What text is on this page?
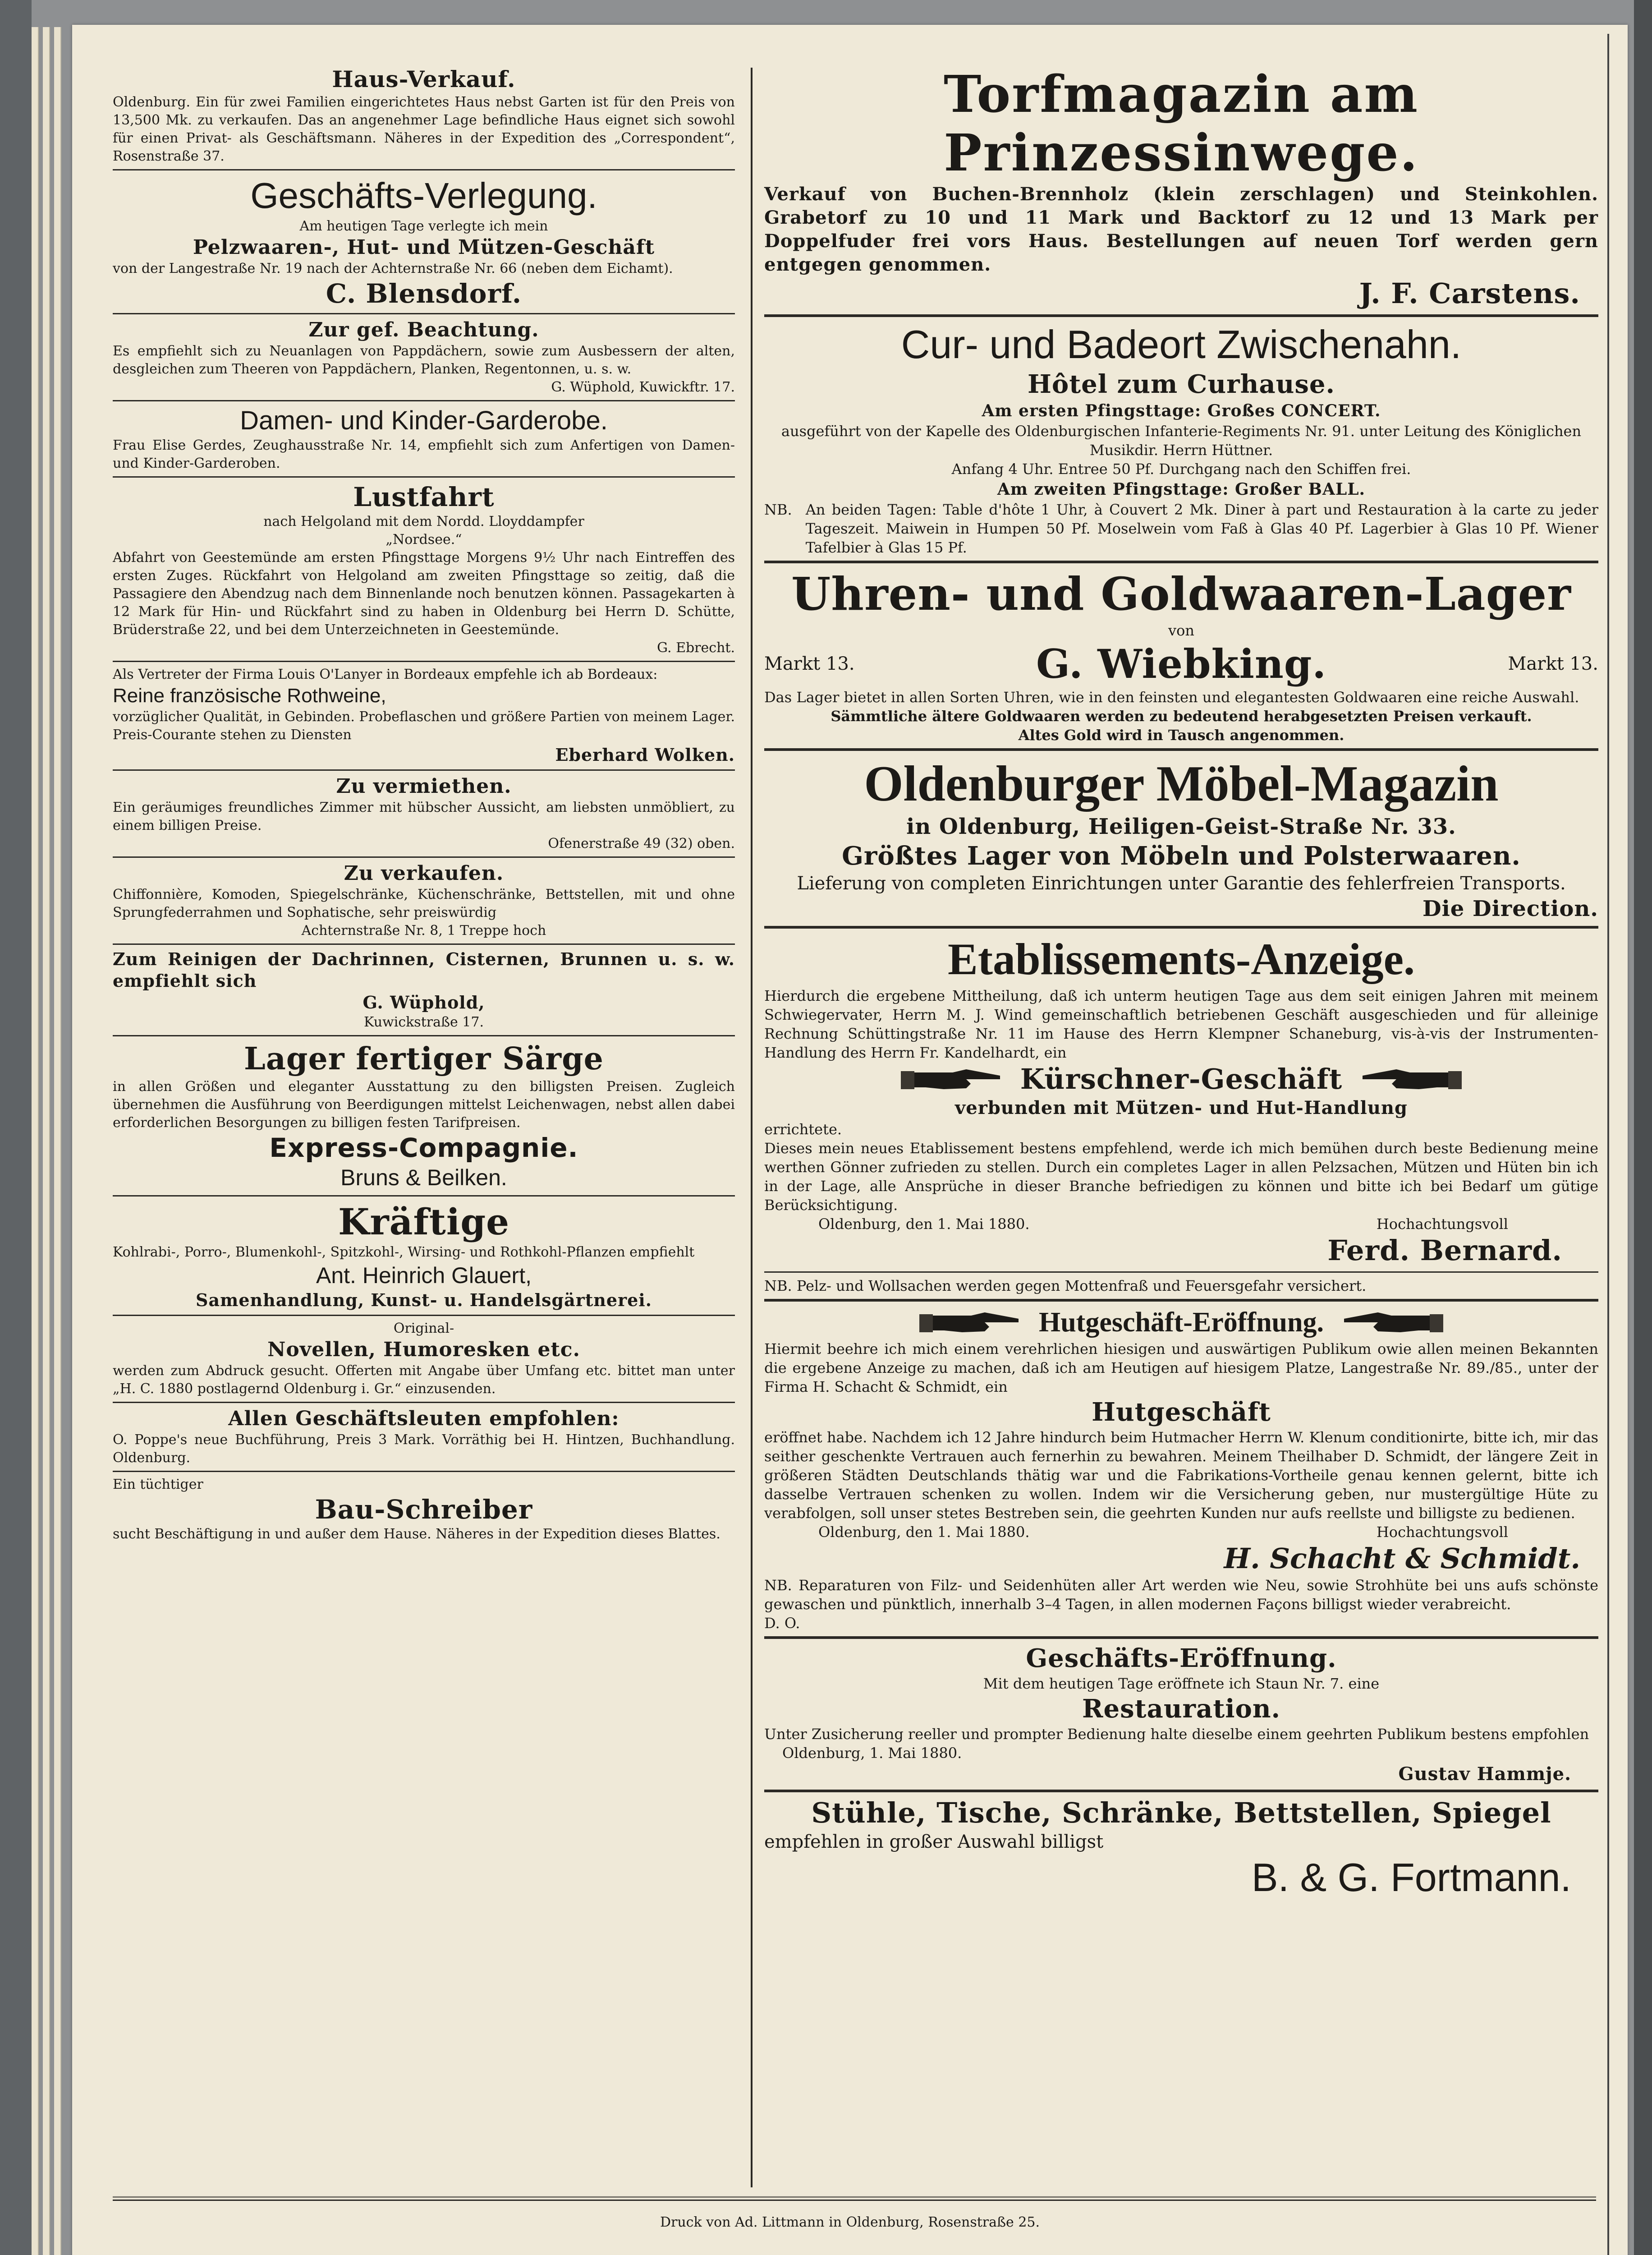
Haus-Verkauf.
Oldenburg. Ein für zwei Familien eingerichtetes Haus nebst Garten ist für den Preis von 13,500 Mk. zu verkaufen. Das an angenehmer Lage befindliche Haus eignet sich sowohl für einen Privat- als Geschäftsmann. Näheres in der Expedition des „Correspondent“, Rosenstraße 37.
Geschäfts-Verlegung.
Am heutigen Tage verlegte ich mein
Pelzwaaren-, Hut- und Mützen-Geschäft
von der Langestraße Nr. 19 nach der Achternstraße Nr. 66 (neben dem Eichamt).
C. Blensdorf.
Zur gef. Beachtung.
Es empfiehlt sich zu Neuanlagen von Pappdächern, sowie zum Ausbessern der alten, desgleichen zum Theeren von Pappdächern, Planken, Regentonnen, u. s. w.
G. Wüphold, Kuwickftr. 17.
Damen- und Kinder-Garderobe.
Frau Elise Gerdes, Zeughausstraße Nr. 14, empfiehlt sich zum Anfertigen von Damen- und Kinder-Garderoben.
Lustfahrt
nach Helgoland mit dem Nordd. Lloyddampfer
„Nordsee.“
Abfahrt von Geestemünde am ersten Pfingsttage Morgens 9½ Uhr nach Eintreffen des ersten Zuges. Rückfahrt von Helgoland am zweiten Pfingsttage so zeitig, daß die Passagiere den Abendzug nach dem Binnenlande noch benutzen können. Passagekarten à 12 Mark für Hin- und Rückfahrt sind zu haben in Oldenburg bei Herrn D. Schütte, Brüderstraße 22, und bei dem Unterzeichneten in Geestemünde.
G. Ebrecht.
Als Vertreter der Firma Louis O'Lanyer in Bordeaux empfehle ich ab Bordeaux:
Reine französische Rothweine,
vorzüglicher Qualität, in Gebinden. Probeflaschen und größere Partien von meinem Lager. Preis-Courante stehen zu Diensten
Eberhard Wolken.
Zu vermiethen.
Ein geräumiges freundliches Zimmer mit hübscher Aussicht, am liebsten unmöbliert, zu einem billigen Preise.
Ofenerstraße 49 (32) oben.
Zu verkaufen.
Chiffonnière, Komoden, Spiegelschränke, Küchenschränke, Bettstellen, mit und ohne Sprungfederrahmen und Sophatische, sehr preiswürdig
Achternstraße Nr. 8, 1 Treppe hoch
Zum Reinigen der Dachrinnen, Cisternen, Brunnen u. s. w. empfiehlt sich
G. Wüphold,
Kuwickstraße 17.
Lager fertiger Särge
in allen Größen und eleganter Ausstattung zu den billigsten Preisen. Zugleich übernehmen die Ausführung von Beerdigungen mittelst Leichenwagen, nebst allen dabei erforderlichen Besorgungen zu billigen festen Tarifpreisen.
Express-Compagnie.
Bruns & Beilken.
Kräftige
Kohlrabi-, Porro-, Blumenkohl-, Spitzkohl-, Wirsing- und Rothkohl-Pflanzen empfiehlt
Ant. Heinrich Glauert,
Samenhandlung, Kunst- u. Handelsgärtnerei.
Original-
Novellen, Humoresken etc.
werden zum Abdruck gesucht. Offerten mit Angabe über Umfang etc. bittet man unter „H. C. 1880 postlagernd Oldenburg i. Gr.“ einzusenden.
Allen Geschäftsleuten empfohlen:
O. Poppe's neue Buchführung, Preis 3 Mark. Vorräthig bei H. Hintzen, Buchhandlung. Oldenburg.
Ein tüchtiger
Bau-Schreiber
sucht Beschäftigung in und außer dem Hause. Näheres in der Expedition dieses Blattes.
Torfmagazin am Prinzessinwege.
Verkauf von Buchen-Brennholz (klein zerschlagen) und Steinkohlen. Grabetorf zu 10 und 11 Mark und Backtorf zu 12 und 13 Mark per Doppelfuder frei vors Haus. Bestellungen auf neuen Torf werden gern entgegen genommen.
J. F. Carstens.
Cur- und Badeort Zwischenahn.
Hôtel zum Curhause.
Am ersten Pfingsttage: Großes CONCERT.
ausgeführt von der Kapelle des Oldenburgischen Infanterie-Regiments Nr. 91. unter Leitung des Königlichen Musikdir. Herrn Hüttner.
Anfang 4 Uhr. Entree 50 Pf. Durchgang nach den Schiffen frei.
Am zweiten Pfingsttage: Großer BALL.
NB. An beiden Tagen: Table d'hôte 1 Uhr, à Couvert 2 Mk. Diner à part und Restauration à la carte zu jeder Tageszeit. Maiwein in Humpen 50 Pf. Moselwein vom Faß à Glas 40 Pf. Lagerbier à Glas 10 Pf. Wiener Tafelbier à Glas 15 Pf.
Uhren- und Goldwaaren-Lager
von
Markt 13.	G. Wiebking.	Markt 13.
Das Lager bietet in allen Sorten Uhren, wie in den feinsten und elegantesten Goldwaaren eine reiche Auswahl.
Sämmtliche ältere Goldwaaren werden zu bedeutend herabgesetzten Preisen verkauft.
Altes Gold wird in Tausch angenommen.
Oldenburger Möbel-Magazin
in Oldenburg, Heiligen-Geist-Straße Nr. 33.
Größtes Lager von Möbeln und Polsterwaaren.
Lieferung von completen Einrichtungen unter Garantie des fehlerfreien Transports.
Die Direction.
Etablissements-Anzeige.
Hierdurch die ergebene Mittheilung, daß ich unterm heutigen Tage aus dem seit einigen Jahren mit meinem Schwiegervater, Herrn M. J. Wind gemeinschaftlich betriebenen Geschäft ausgeschieden und für alleinige Rechnung Schüttingstraße Nr. 11 im Hause des Herrn Klempner Schaneburg, vis-à-vis der Instrumenten-Handlung des Herrn Fr. Kandelhardt, ein
Kürschner-Geschäft
verbunden mit Mützen- und Hut-Handlung
errichtete.
Dieses mein neues Etablissement bestens empfehlend, werde ich mich bemühen durch beste Bedienung meine werthen Gönner zufrieden zu stellen. Durch ein completes Lager in allen Pelzsachen, Mützen und Hüten bin ich in der Lage, alle Ansprüche in dieser Branche befriedigen zu können und bitte ich bei Bedarf um gütige Berücksichtigung.
Oldenburg, den 1. Mai 1880.	Hochachtungsvoll
Ferd. Bernard.
NB. Pelz- und Wollsachen werden gegen Mottenfraß und Feuersgefahr versichert.
Hutgeschäft-Eröffnung.
Hiermit beehre ich mich einem verehrlichen hiesigen und auswärtigen Publikum owie allen meinen Bekannten die ergebene Anzeige zu machen, daß ich am Heutigen auf hiesigem Platze, Langestraße Nr. 89./85., unter der Firma H. Schacht & Schmidt, ein
Hutgeschäft
eröffnet habe. Nachdem ich 12 Jahre hindurch beim Hutmacher Herrn W. Klenum conditionirte, bitte ich, mir das seither geschenkte Vertrauen auch fernerhin zu bewahren. Meinem Theilhaber D. Schmidt, der längere Zeit in größeren Städten Deutschlands thätig war und die Fabrikations-Vortheile genau kennen gelernt, bitte ich dasselbe Vertrauen schenken zu wollen. Indem wir die Versicherung geben, nur mustergültige Hüte zu verabfolgen, soll unser stetes Bestreben sein, die geehrten Kunden nur aufs reellste und billigste zu bedienen.
Oldenburg, den 1. Mai 1880.	Hochachtungsvoll
H. Schacht & Schmidt.
NB. Reparaturen von Filz- und Seidenhüten aller Art werden wie Neu, sowie Strohhüte bei uns aufs schönste gewaschen und pünktlich, innerhalb 3–4 Tagen, in allen modernen Façons billigst wieder verabreicht.
D. O.
Geschäfts-Eröffnung.
Mit dem heutigen Tage eröffnete ich Staun Nr. 7. eine
Restauration.
Unter Zusicherung reeller und prompter Bedienung halte dieselbe einem geehrten Publikum bestens empfohlen
Oldenburg, 1. Mai 1880.
Gustav Hammje.
Stühle, Tische, Schränke, Bettstellen, Spiegel
empfehlen in großer Auswahl billigst
B. & G. Fortmann.
Druck von Ad. Littmann in Oldenburg, Rosenstraße 25.
